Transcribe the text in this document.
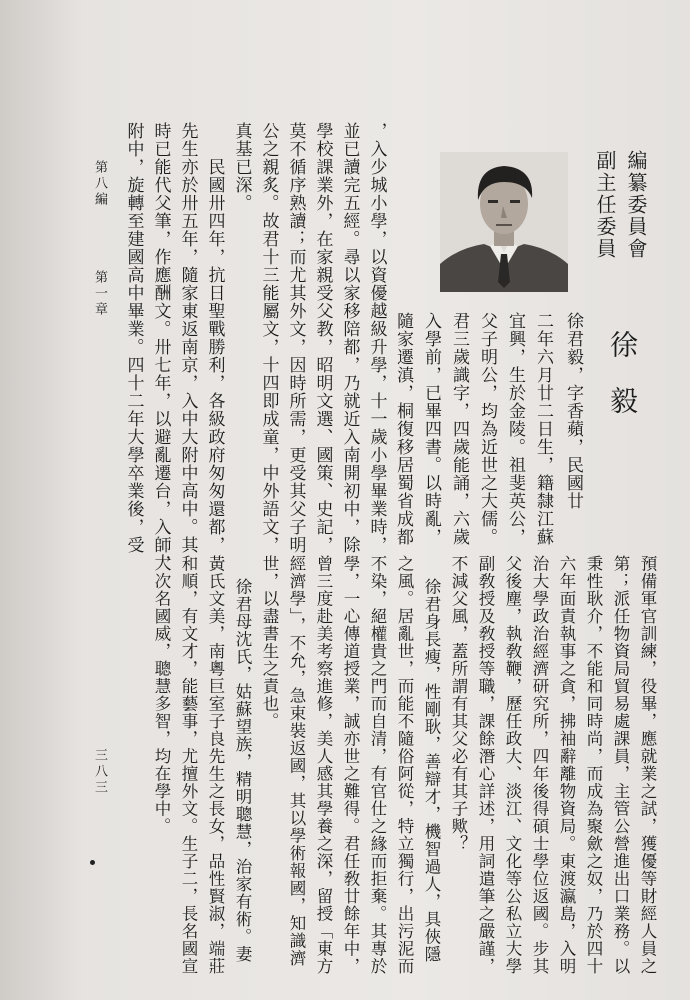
編纂委員會
副主任委員
徐毅
徐君毅，字香蘋，民國廿
二年六月廿二日生，籍隸江蘇
宜興，生於金陵。祖斐英公，
父子明公，均為近世之大儒。
君三歲識字，四歲能誦，六歲
入學前，已畢四書。以時亂，
隨家遷滇，桐復移居蜀省成都
，入少城小學，以資優越級升學，十一歲小學畢業時，
並已讀完五經。尋以家移陪都，乃就近入南開初中，除
學校課業外，在家親受父教，昭明文選、國策、史記，
莫不循序熟讀；而尤其外文，因時所需，更受其父子明
公之親炙。故君十三能屬文，十四即成童，中外語文，
真基已深。
民國卅四年，抗日聖戰勝利，各級政府匆匆還都，
先生亦於卅五年，隨家東返南京，入中大附中高中。其
時已能代父筆，作應酬文。卅七年，以避亂遷台，入師大
附中，旋轉至建國高中畢業。四十二年大學卒業後，受
第八編
第一章
預備軍官訓練，役畢，應就業之試，獲優等財經人員之
第；派任物資局貿易處課員，主管公營進出口業務。以
秉性耿介，不能和同時尚，而成為聚歛之奴，乃於四十
六年面責執事之貪，拂袖辭離物資局。東渡瀛島，入明
治大學政治經濟研究所，四年後得碩士學位返國。步其
父後塵，執敎鞭，歷任政大、淡江、文化等公私立大學
副敎授及敎授等職，課餘潛心詳述，用詞遣筆之嚴謹，
不減父風，蓋所謂有其父必有其子歟？
徐君身長瘦，性剛耿，善辯才，機智過人，具俠隱
之風。居亂世，而能不隨俗阿從，特立獨行，出污泥而
不染，絕權貴之門而自清，有官仕之緣而拒棄。其專於
學，一心傳道授業，誠亦世之難得。君任敎廿餘年中，
曾三度赴美考察進修，美人感其學養之深，留授「東方
經濟學」，不允，急束裝返國，其以學術報國，知識濟
世，以盡書生之責也。
徐君母沈氏，姑蘇望族，精明聰慧，治家有術。妻
黃氏文美，南粵巨室子良先生之長女，品性賢淑，端莊
和順，有文才，能藝事，尤擅外文。生子二，長名國宣
，次名國威，聰慧多智，均在學中。
三八三
